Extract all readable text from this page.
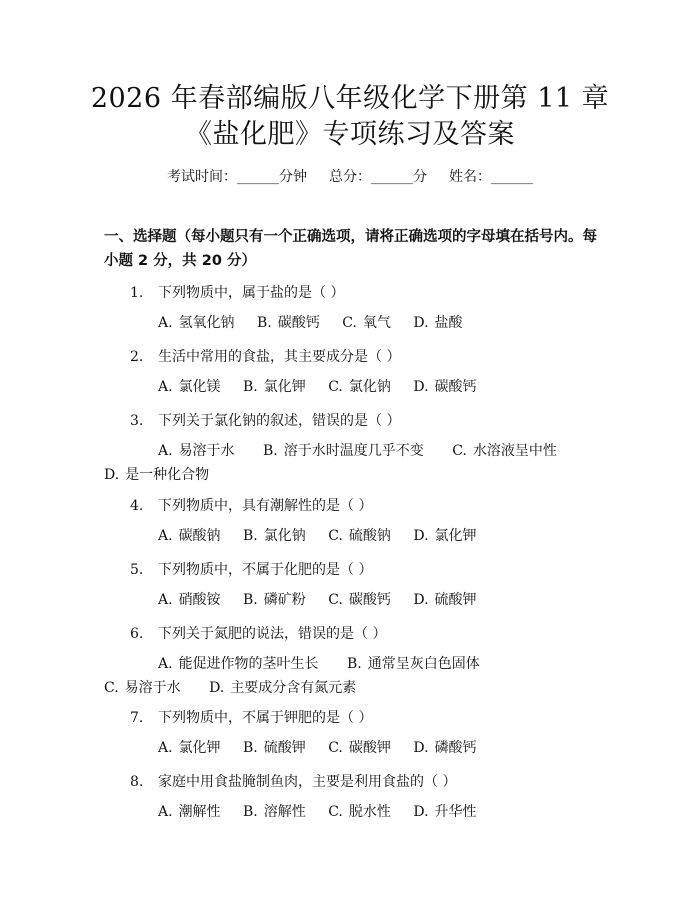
2026 年春部编版八年级化学下册第 11 章
《盐化肥》专项练习及答案
考试时间：______分钟 总分：______分 姓名：______
一、选择题（每小题只有一个正确选项，请将正确选项的字母填在括号内。每小题 2 分，共 20 分）
1. 下列物质中，属于盐的是（ ）
A. 氢氧化钠 B. 碳酸钙 C. 氧气 D. 盐酸
2. 生活中常用的食盐，其主要成分是（ ）
A. 氯化镁 B. 氯化钾 C. 氯化钠 D. 碳酸钙
3. 下列关于氯化钠的叙述，错误的是（ ）
A. 易溶于水 B. 溶于水时温度几乎不变 C. 水溶液呈中性 D. 是一种化合物
4. 下列物质中，具有潮解性的是（ ）
A. 碳酸钠 B. 氯化钠 C. 硫酸钠 D. 氯化钾
5. 下列物质中，不属于化肥的是（ ）
A. 硝酸铵 B. 磷矿粉 C. 碳酸钙 D. 硫酸钾
6. 下列关于氮肥的说法，错误的是（ ）
A. 能促进作物的茎叶生长 B. 通常呈灰白色固体 C. 易溶于水 D. 主要成分含有氮元素
7. 下列物质中，不属于钾肥的是（ ）
A. 氯化钾 B. 硫酸钾 C. 碳酸钾 D. 磷酸钙
8. 家庭中用食盐腌制鱼肉，主要是利用食盐的（ ）
A. 潮解性 B. 溶解性 C. 脱水性 D. 升华性
